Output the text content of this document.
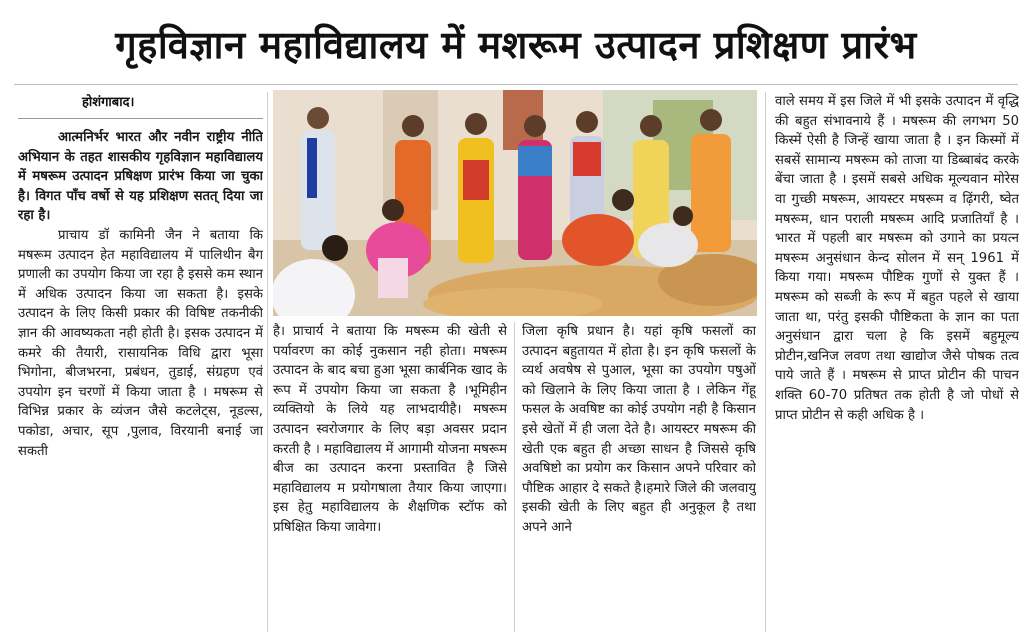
गृहविज्ञान महाविद्यालय में मशरूम उत्पादन प्रशिक्षण प्रारंभ
होशंगाबाद।

आत्मनिर्भर भारत और नवीन राष्ट्रीय नीति अभियान के तहत शासकीय गृहविज्ञान महाविद्यालय में मषरूम उत्पादन प्रषिक्षण प्रारंभ किया जा चुका है। विगत पाँच वर्षो से यह प्रशिक्षण सतत् दिया जा रहा है।

प्राचाय डॉ कामिनी जैन ने बताया कि मषरूम उत्पादन हेत महाविद्यालय में पालिथीन बैग प्रणाली का उपयोग किया जा रहा है इससे कम स्थान में अधिक उत्पादन किया जा सकता है। इसके उत्पादन के लिए किसी प्रकार की विषिष्ट तकनीकी ज्ञान की आवष्यकता नही होती है। इसक उत्पादन में कमरे की तैयारी, रासायनिक विधि द्वारा भूसा भिगोना, बीजभरना, प्रबंधन, तुडाई, संग्रहण एवं उपयोग इन चरणों में किया जाता है । मषरूम से विभिन्न प्रकार के व्यंजन जैसे कटलेट्स, नूडल्स, पकोडा, अचार, सूप ,पुलाव, विरयानी बनाई जा सकती

है। प्राचार्य ने बताया कि मषरूम की खेती से पर्यावरण का कोई नुकसान नही होता। मषरूम उत्पादन के बाद बचा हुआ भूसा कार्बनिक खाद के रूप में उपयोग किया जा सकता है ।भूमिहीन व्यक्तियो के लिये यह लाभदायीहै। मषरूम उत्पादन स्वरोजगार के लिए बड़ा अवसर प्रदान करती है । महाविद्यालय में आगामी योजना मषरूम बीज का उत्पादन करना प्रस्तावित है जिसे महाविद्यालय म प्रयोगषाला तैयार किया जाएगा। इस हेतु महाविद्यालय के शैक्षणिक स्टॉफ को प्रषिक्षित किया जावेगा।

जिला कृषि प्रधान है। यहां कृषि फसलों का उत्पादन बहुतायत में होता है। इन कृषि फसलों के व्यर्थ अवषेष से पुआल, भूसा का उपयोग पषुओं को खिलाने के लिए किया जाता है । लेकिन गेंहू फसल के अवषिष्ट का कोई उपयोग नही है किसान इसे खेतों में ही जला देते है। आयस्टर मषरूम की खेती एक बहुत ही अच्छा साधन है जिससे कृषि अवषिष्टो का प्रयोग कर किसान अपने परिवार को पौष्टिक आहार दे सकते है।हमारे जिले की जलवायु इसकी खेती के लिए बहुत ही अनुकूल है तथा अपने आने

वाले समय में इस जिले में भी इसके उत्पादन में वृद्धि की बहुत संभावनाये हैं । मषरूम की लगभग 50 किस्में ऐसी है जिन्हें खाया जाता है । इन किस्मों में सबसें सामान्य मषरूम को ताजा या डिब्बाबंद करके बेंचा जाता है । इसमें सबसे अधिक मूल्यवान मोरेस वा गुच्छी मषरूम, आयस्टर मषरूम व ढ़िंगरी, ष्वेत मषरूम, धान पराली मषरूम आदि प्रजातियाँ है । भारत में पहली बार मषरूम को उगाने का प्रयत्न मषरूम अनुसंधान केन्द सोलन में सन् 1961 में किया गया। मषरूम पौष्टिक गुणों से युक्त हैं । मषरूम को सब्जी के रूप में बहुत पहले से खाया जाता था, परंतु इसकी पौष्टिकता के ज्ञान का पता अनुसंधान द्वारा चला हे कि इसमें बहुमूल्य प्रोटीन,खनिज लवण तथा खाद्योज जैसे पोषक तत्व पाये जाते हैं । मषरूम से प्राप्त प्रोटीन की पाचन शक्ति 60-70 प्रतिषत तक होती है जो पोधों से प्राप्त प्रोटीन से कही अधिक है ।
